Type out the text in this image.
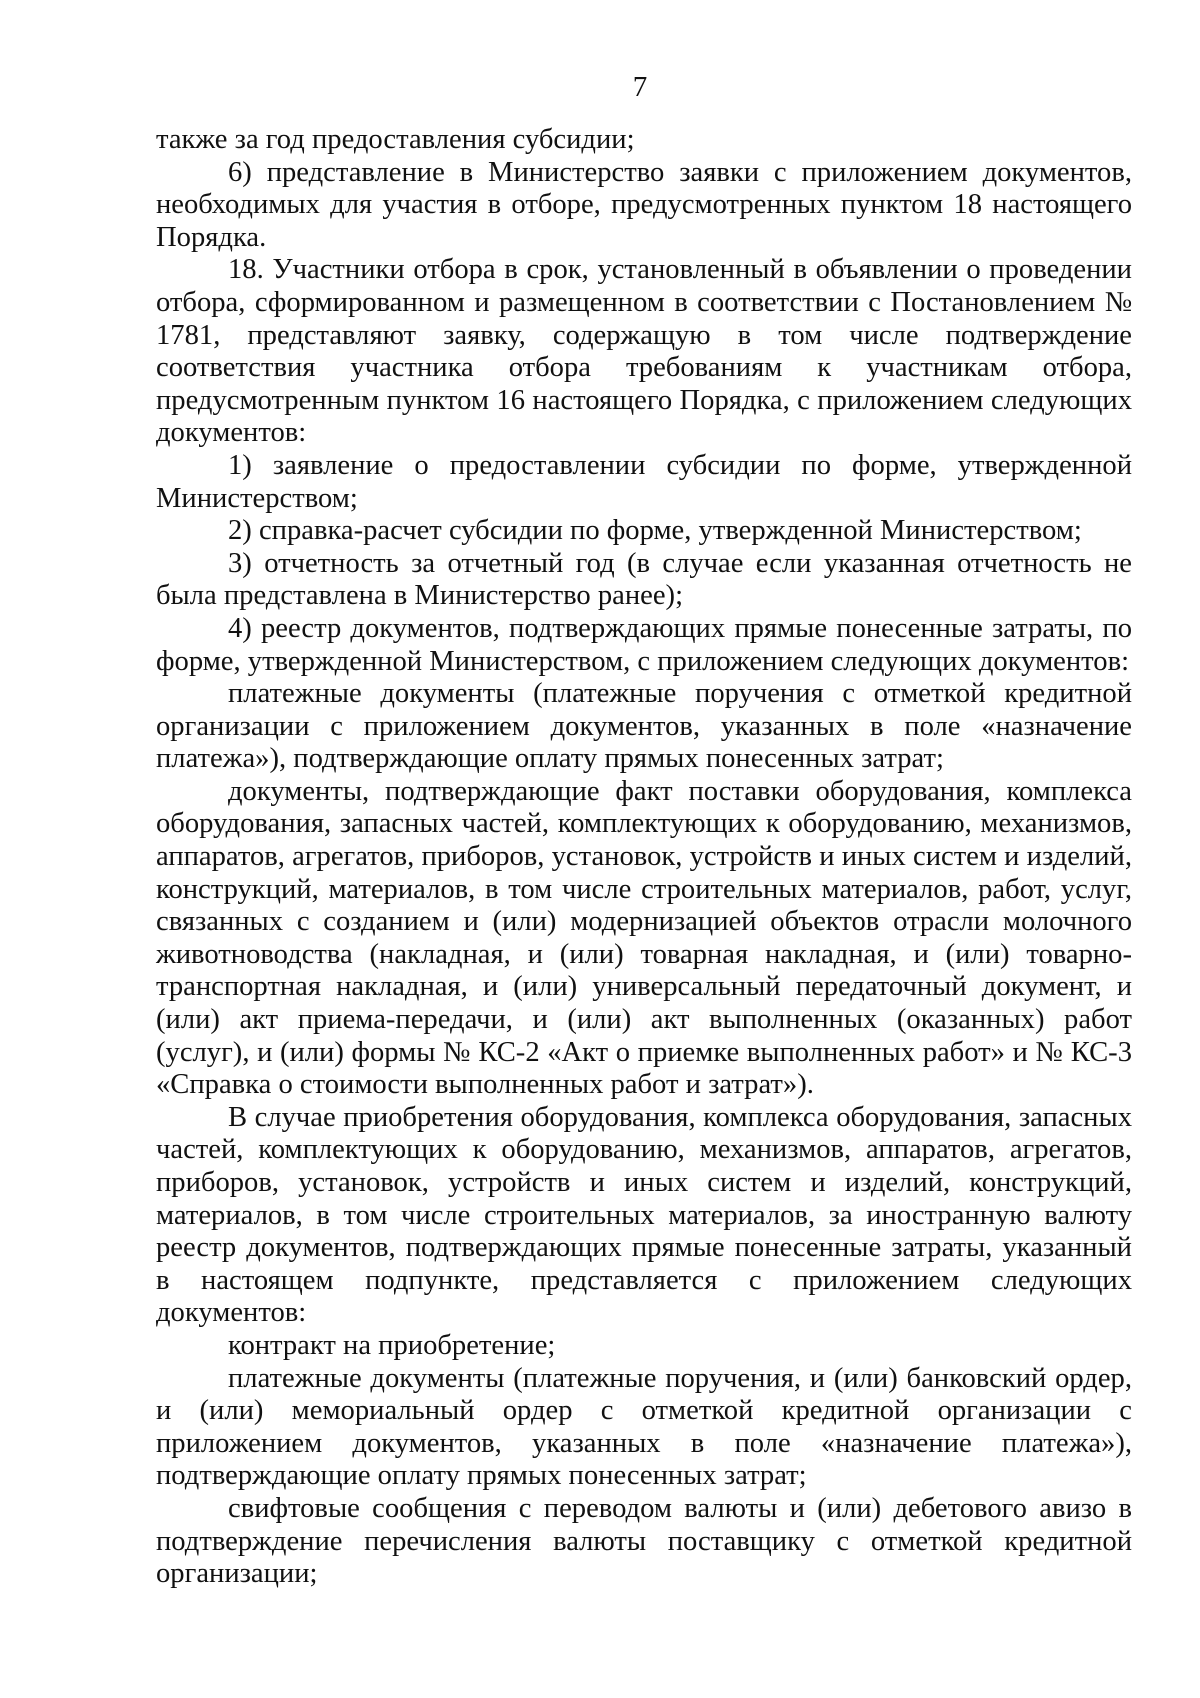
7

также за год предоставления субсидии;

6) представление в Министерство заявки с приложением документов, необходимых для участия в отборе, предусмотренных пунктом 18 настоящего Порядка.

18. Участники отбора в срок, установленный в объявлении о проведении отбора, сформированном и размещенном в соответствии с Постановлением № 1781, представляют заявку, содержащую в том числе подтверждение соответствия участника отбора требованиям к участникам отбора, предусмотренным пунктом 16 настоящего Порядка, с приложением следующих документов:

1) заявление о предоставлении субсидии по форме, утвержденной Министерством;

2) справка-расчет субсидии по форме, утвержденной Министерством;

3) отчетность за отчетный год (в случае если указанная отчетность не была представлена в Министерство ранее);

4) реестр документов, подтверждающих прямые понесенные затраты, по форме, утвержденной Министерством, с приложением следующих документов:

платежные документы (платежные поручения с отметкой кредитной организации с приложением документов, указанных в поле «назначение платежа»), подтверждающие оплату прямых понесенных затрат;

документы, подтверждающие факт поставки оборудования, комплекса оборудования, запасных частей, комплектующих к оборудованию, механизмов, аппаратов, агрегатов, приборов, установок, устройств и иных систем и изделий, конструкций, материалов, в том числе строительных материалов, работ, услуг, связанных с созданием и (или) модернизацией объектов отрасли молочного животноводства (накладная, и (или) товарная накладная, и (или) товарно-транспортная накладная, и (или) универсальный передаточный документ, и (или) акт приема-передачи, и (или) акт выполненных (оказанных) работ (услуг), и (или) формы № КС-2 «Акт о приемке выполненных работ» и № КС-3 «Справка о стоимости выполненных работ и затрат»).

В случае приобретения оборудования, комплекса оборудования, запасных частей, комплектующих к оборудованию, механизмов, аппаратов, агрегатов, приборов, установок, устройств и иных систем и изделий, конструкций, материалов, в том числе строительных материалов, за иностранную валюту реестр документов, подтверждающих прямые понесенные затраты, указанный в настоящем подпункте, представляется с приложением следующих документов:

контракт на приобретение;

платежные документы (платежные поручения, и (или) банковский ордер, и (или) мемориальный ордер с отметкой кредитной организации с приложением документов, указанных в поле «назначение платежа»), подтверждающие оплату прямых понесенных затрат;

свифтовые сообщения с переводом валюты и (или) дебетового авизо в подтверждение перечисления валюты поставщику с отметкой кредитной организации;
